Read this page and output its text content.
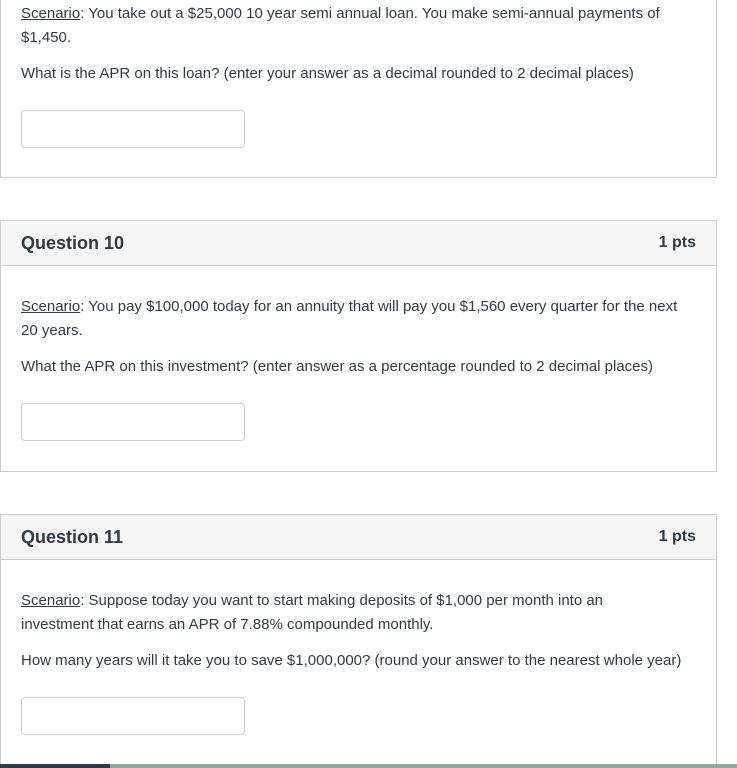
Scenario: You take out a $25,000 10 year semi annual loan. You make semi-annual payments of $1,450.

What is the APR on this loan? (enter your answer as a decimal rounded to 2 decimal places)

Question 10	1 pts

Scenario: You pay $100,000 today for an annuity that will pay you $1,560 every quarter for the next 20 years.

What the APR on this investment? (enter answer as a percentage rounded to 2 decimal places)

Question 11	1 pts

Scenario: Suppose today you want to start making deposits of $1,000 per month into an investment that earns an APR of 7.88% compounded monthly.

How many years will it take you to save $1,000,000? (round your answer to the nearest whole year)
